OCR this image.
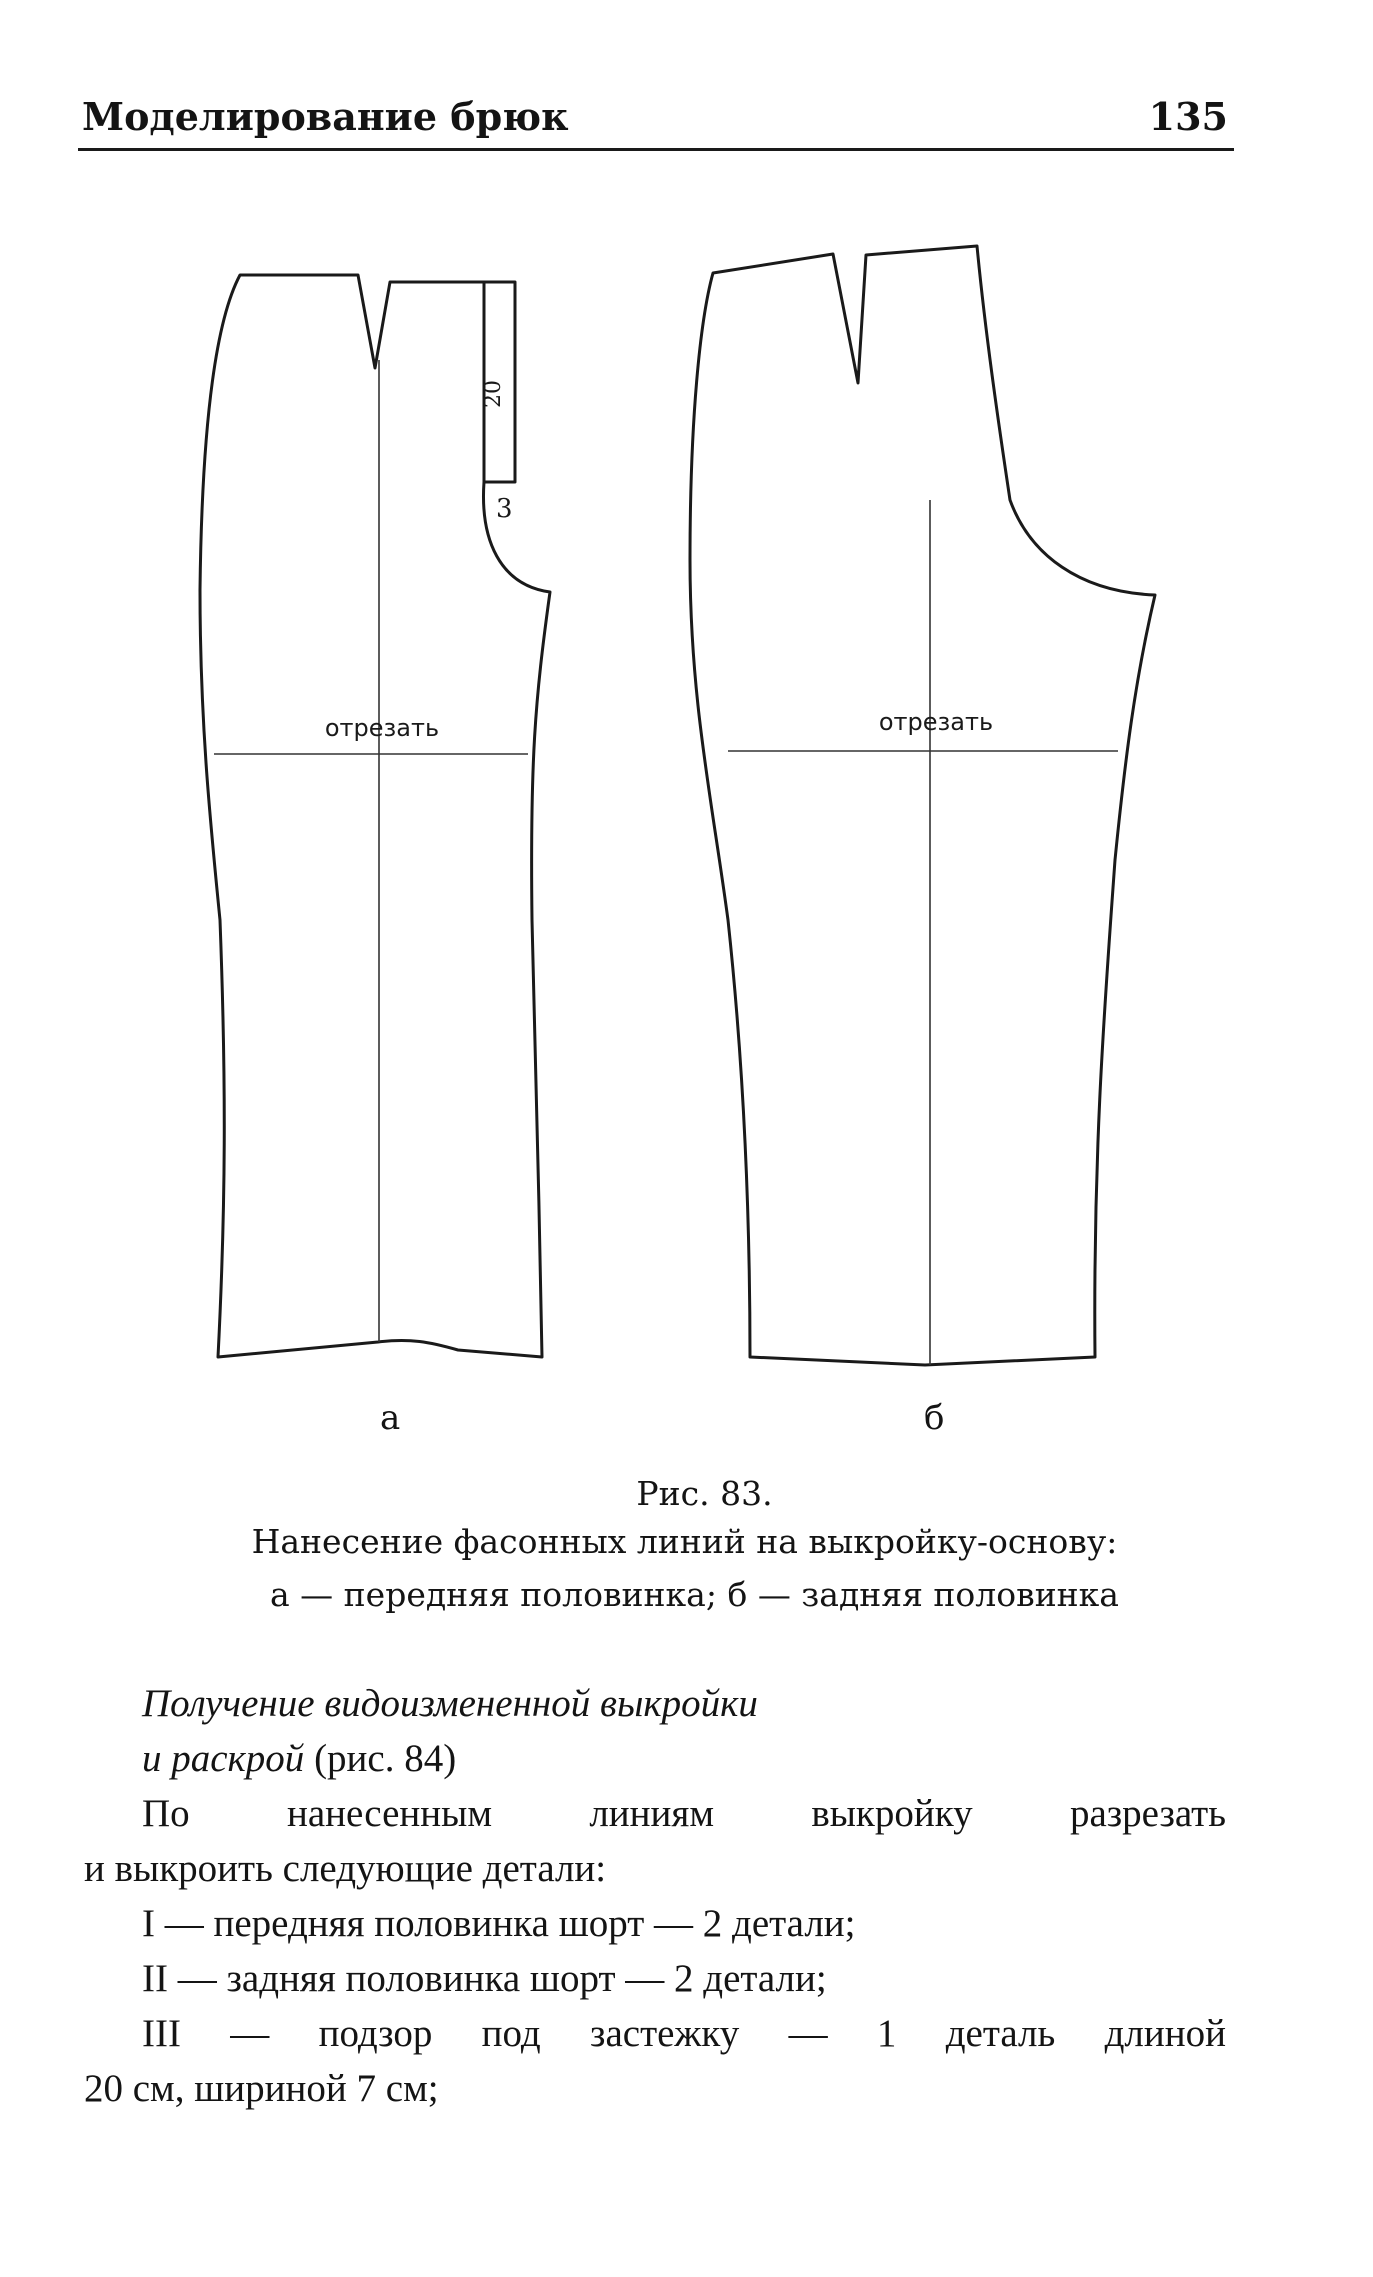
Моделирование брюк	135
20
3
отрезать	отрезать
а	б
Рис. 83.
Нанесение фасонных линий на выкройку-основу:
а — передняя половинка; б — задняя половинка

Получение видоизмененной выкройки

и раскрой (рис. 84)

По нанесенным линиям выкройку разрезать

и выкроить следующие детали:

I — передняя половинка шорт — 2 детали;

II — задняя половинка шорт — 2 детали;

III — подзор под застежку — 1 деталь длиной

20 см, шириной 7 см;
